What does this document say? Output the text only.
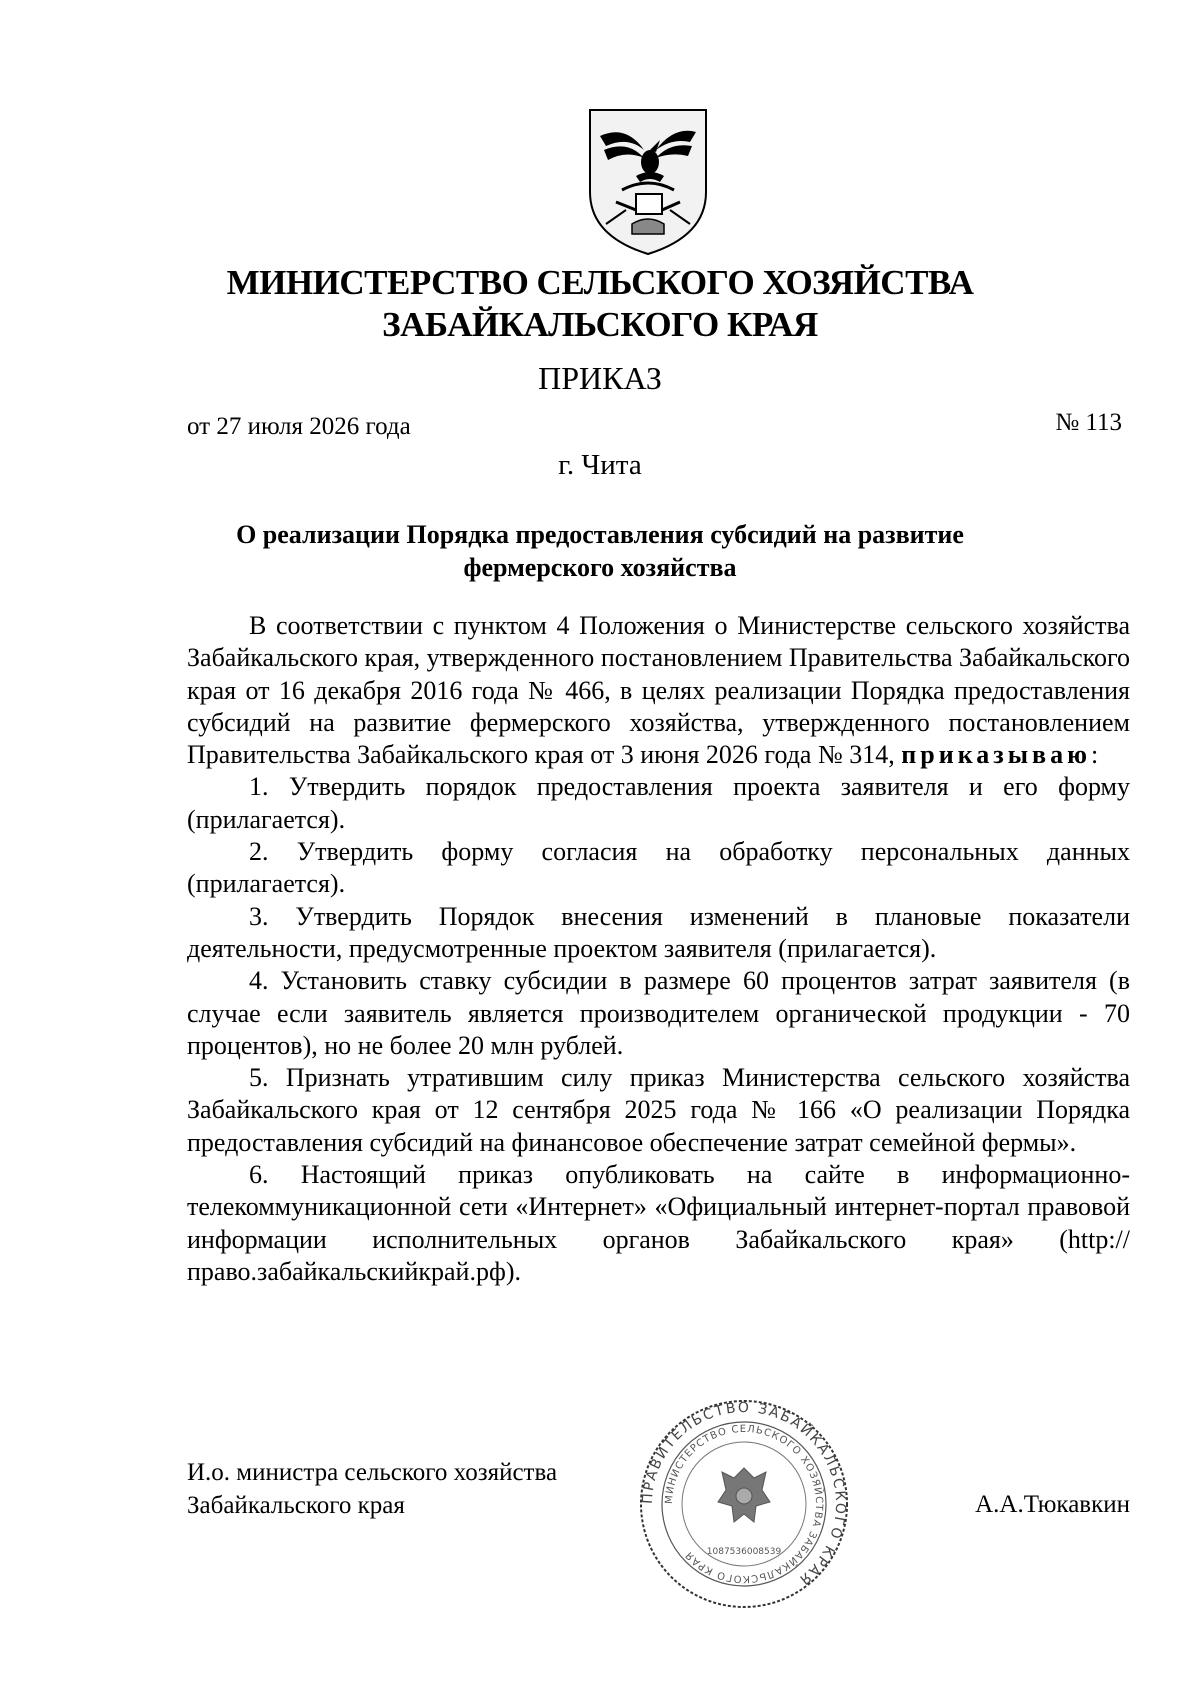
МИНИСТЕРСТВО СЕЛЬСКОГО ХОЗЯЙСТВА
ЗАБАЙКАЛЬСКОГО КРАЯ
ПРИКАЗ
от 27 июля 2026 года	№ 113
г. Чита
О реализации Порядка предоставления субсидий на развитие
фермерского хозяйства

В соответствии с пунктом 4 Положения о Министерстве сельского хозяйства Забайкальского края, утвержденного постановлением Правительства Забайкальского края от 16 декабря 2016 года № 466, в целях реализации Порядка предоставления субсидий на развитие фермерского хозяйства, утвержденного постановлением Правительства Забайкальского края от 3 июня 2026 года № 314, приказываю:

1. Утвердить порядок предоставления проекта заявителя и его форму (прилагается).

2. Утвердить форму согласия на обработку персональных данных (прилагается).

3. Утвердить Порядок внесения изменений в плановые показатели деятельности, предусмотренные проектом заявителя (прилагается).

4. Установить ставку субсидии в размере 60 процентов затрат заявителя (в случае если заявитель является производителем органической продукции - 70 процентов), но не более 20 млн рублей.

5. Признать утратившим силу приказ Министерства сельского хозяйства Забайкальского края от 12 сентября 2025 года № 166 «О реализации Порядка предоставления субсидий на финансовое обеспечение затрат семейной фермы».

6. Настоящий приказ опубликовать на сайте в информационно-телекоммуникационной сети «Интернет» «Официальный интернет-портал правовой информации исполнительных органов Забайкальского края» (http://право.забайкальскийкрай.рф).

И.о. министра сельского хозяйства
Забайкальского края	ПРАВИТЕЛЬСТВО ЗАБАЙКАЛЬСКОГО КРАЯ
МИНИСТЕРСТВО СЕЛЬСКОГО ХОЗЯЙСТВА ЗАБАЙКАЛЬСКОГО КРАЯ	1087536008539
А.А.Тюкавкин
